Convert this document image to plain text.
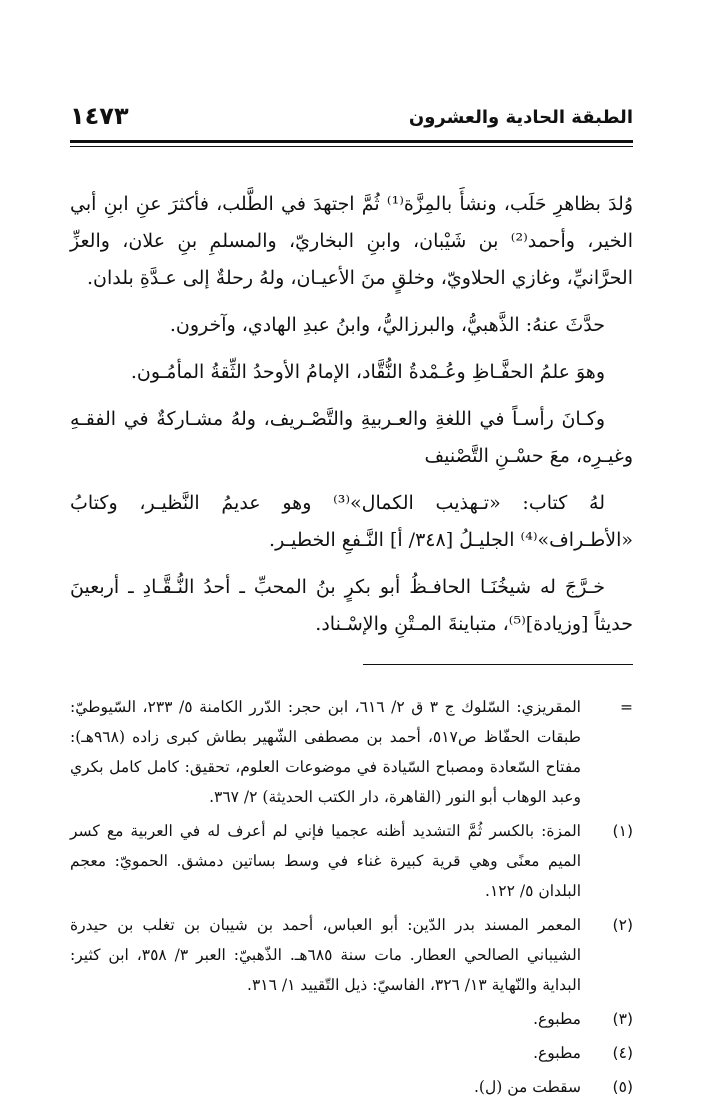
١٤٧٣	الطبقة الحادية والعشرون

وُلدَ بظاهرِ حَلَب، ونشأَ بالمِزَّة⁽¹⁾ ثُمَّ اجتهدَ في الطَّلب، فأكثرَ عنِ ابنِ أبي الخير، وأحمد⁽²⁾ بن شَيْبان، وابنِ البخاريّ، والمسلمِ بنِ علان، والعزِّ الحرَّانيِّ، وغازي الحلاويّ، وخلقٍ منَ الأعيـان، ولهُ رحلةٌ إلى عـدَّةِ بلدان.

حدَّثَ عنهُ: الذَّهبيُّ، والبرزاليُّ، وابنُ عبدِ الهادي، وآخرون.

وهوَ علمُ الحفَّـاظِ وعُـمْدةُ النُّقَّاد، الإمامُ الأوحدُ الثِّقةُ المأمُـون.

وكـانَ رأسـاً في اللغةِ والعـربيةِ والتَّصْـريف، ولهُ مشـاركةٌ في الفقـهِ وغيـرِه، معَ حسْـنِ التَّصْنيف

لهُ كتاب: «تـهذيب الكمال»⁽³⁾ وهو عديمُ النَّظيـر، وكتابُ «الأطـراف»⁽⁴⁾ الجليـلُ [٣٤٨/ أ] النَّـفعِ الخطيـر.

خـرَّجَ له شيخُنَـا الحافـظُ أبو بكرٍ بنُ المحبِّ ـ أحدُ النُّـقَّـادِ ـ أربعينَ حديثاً [وزيادة]⁽⁵⁾، متباينةَ المـتْنِ والإسْـناد.

=
المقريزي: السّلوك ج ٣ ق ٢/ ٦١٦، ابن حجر: الدّرر الكامنة ٥/ ٢٣٣، السّيوطيّ: طبقات الحفّاظ ص٥١٧، أحمد بن مصطفى الشّهير بطاش كبرى زاده (٩٦٨هـ): مفتاح السّعادة ومصباح السّيادة في موضوعات العلوم، تحقيق: كامل كامل بكري وعبد الوهاب أبو النور (القاهرة، دار الكتب الحديثة) ٢/ ٣٦٧.
(١)
المزة: بالكسر ثُمَّ التشديد أظنه عجميا فإني لم أعرف له في العربية مع كسر الميم معنًى وهي قرية كبيرة غناء في وسط بساتين دمشق. الحمويّ: معجم البلدان ٥/ ١٢٢.
(٢)
المعمر المسند بدر الدّين: أبو العباس، أحمد بن شيبان بن تغلب بن حيدرة الشيباني الصالحي العطار. مات سنة ٦٨٥هـ. الذّهبيّ: العبر ٣/ ٣٥٨، ابن كثير: البداية والنّهاية ١٣/ ٣٢٦، الفاسيّ: ذيل التّقييد ١/ ٣١٦.
(٣)
مطبوع.
(٤)
مطبوع.
(٥)
سقطت من (ل).
